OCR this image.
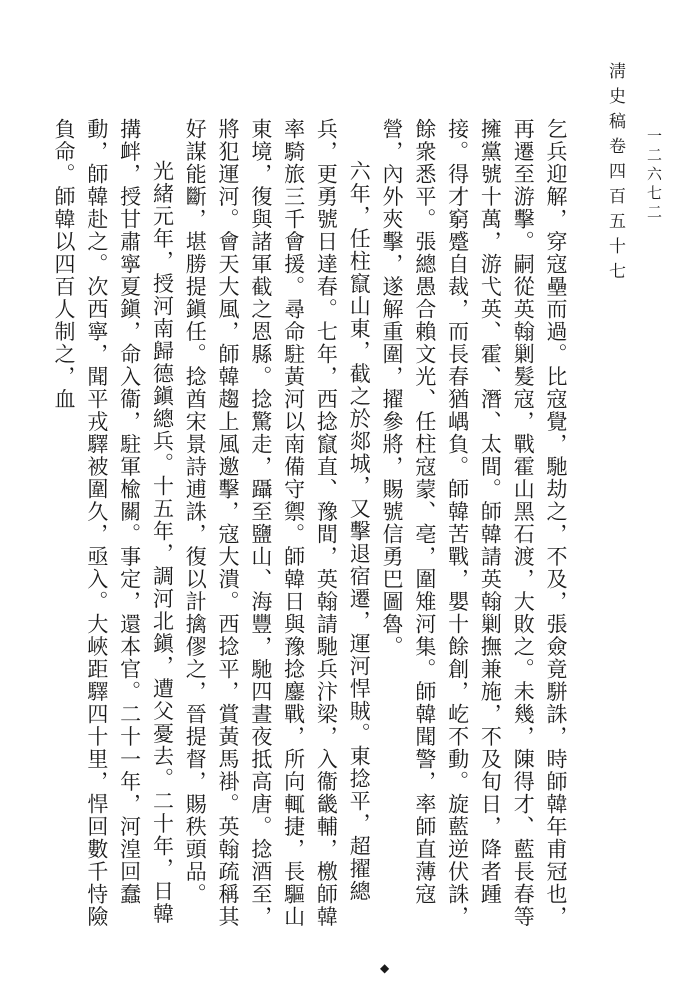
淸史稿卷四百五十七	一二六七二

乞兵迎解，穿寇壘而過。比寇覺，馳劫之，不及，張僉竟駢誅，時師韓年甫冠也，再遷至游擊。嗣從英翰剿髮寇，戰霍山黑石渡，大敗之。未幾，陳得才、藍長春等擁黨號十萬，游弋英、霍、潛、太間。師韓請英翰剿撫兼施，不及旬日，降者踵接。得才窮蹙自裁，而長春猶嵎負。師韓苦戰，嬰十餘創，屹不動。旋藍逆伏誅，餘衆悉平。張總愚合賴文光、任柱寇蒙、亳，圍雉河集。師韓聞警，率師直薄寇營，內外夾擊，遂解重圍，擢參將，賜號信勇巴圖魯。

六年，任柱竄山東，截之於郯城，又擊退宿遷，運河悍賊。東捻平，超擢總兵，更勇號日達春。七年，西捻竄直、豫間，英翰請馳兵汴梁，入衞畿輔，檄師韓率騎旅三千會援。尋命駐黃河以南備守禦。師韓日與豫捻鏖戰，所向輒捷，長驅山東境，復與諸軍截之恩縣。捻驚走，躡至鹽山、海豐，馳四晝夜抵高唐。捻酒至，將犯運河。會天大風，師韓趨上風邀擊，寇大潰。西捻平，賞黃馬褂。英翰疏稱其好謀能斷，堪勝提鎭任。捻酋宋景詩逋誅，復以計擒僇之，晉提督，賜秩頭品。

光緒元年，授河南歸德鎭總兵。十五年，調河北鎭，遭父憂去。二十年，日韓搆衅，授甘肅寧夏鎭，命入衞，駐軍楡關。事定，還本官。二十一年，河湟回蠢動，師韓赴之。次西寧，聞平戎驛被圍久，亟入。大峽距驛四十里，悍回數千恃險負命。師韓以四百人制之，血

◆
